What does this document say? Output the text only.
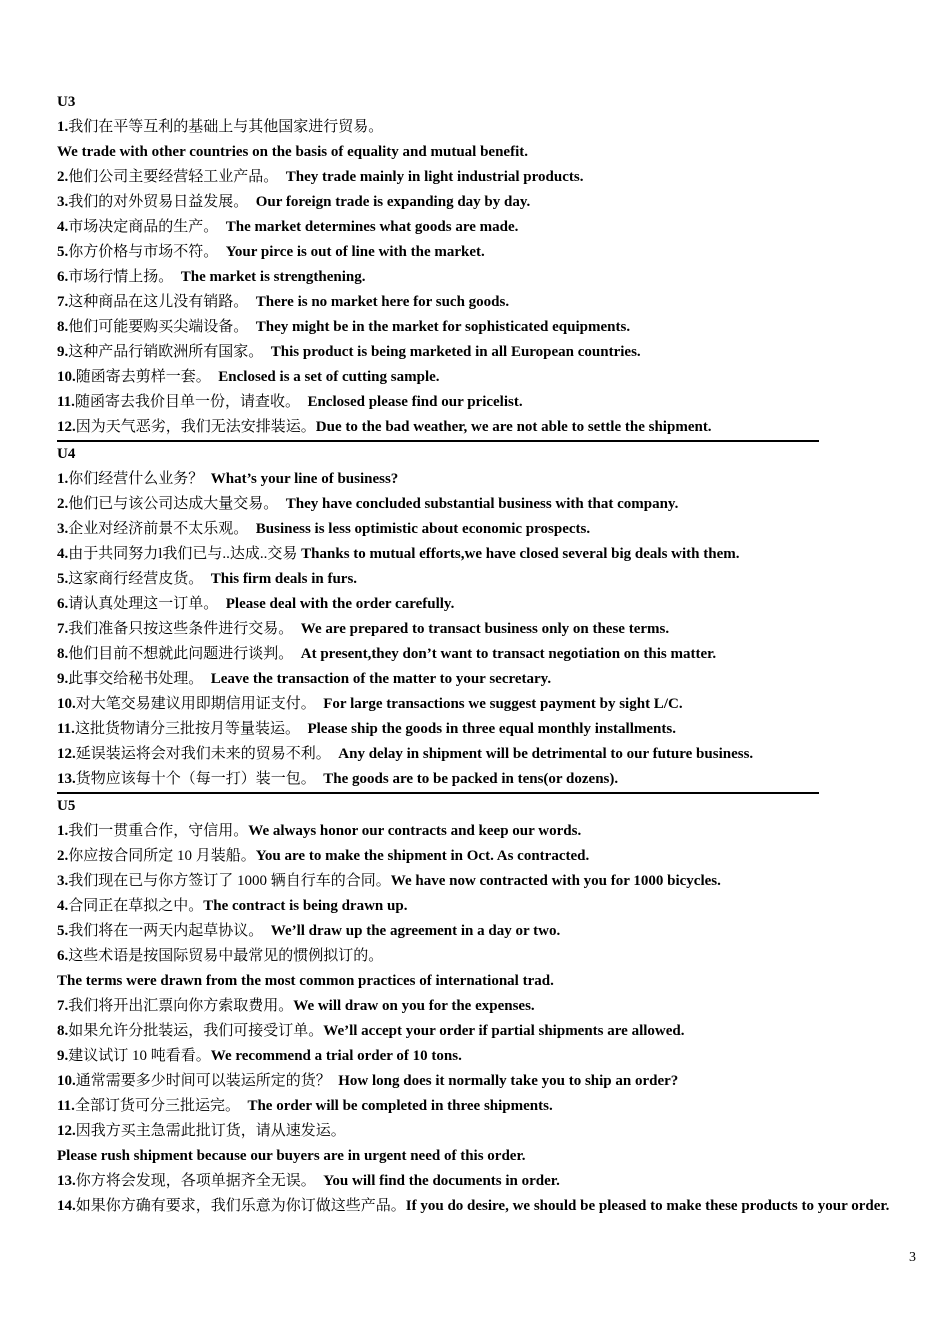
U3
1.我们在平等互利的基础上与其他国家进行贸易。
We trade with other countries on the basis of equality and mutual benefit.
2.他们公司主要经营轻工业产品。 They trade mainly in light industrial products.
3.我们的对外贸易日益发展。 Our foreign trade is expanding day by day.
4.市场决定商品的生产。 The market determines what goods are made.
5.你方价格与市场不符。 Your pirce is out of line with the market.
6.市场行情上扬。 The market is strengthening.
7.这种商品在这儿没有销路。 There is no market here for such goods.
8.他们可能要购买尖端设备。 They might be in the market for sophisticated equipments.
9.这种产品行销欧洲所有国家。 This product is being marketed in all European countries.
10.随函寄去剪样一套。 Enclosed is a set of cutting sample.
11.随函寄去我价目单一份，请查收。 Enclosed please find our pricelist.
12.因为天气恶劣，我们无法安排装运。Due to the bad weather, we are not able to settle the shipment.
U4
1.你们经营什么业务？ What’s your line of business?
2.他们已与该公司达成大量交易。 They have concluded substantial business with that company.
3.企业对经济前景不太乐观。 Business is less optimistic about economic prospects.
4.由于共同努力l我们已与..达成..交易 Thanks to mutual efforts,we have closed several big deals with them.
5.这家商行经营皮货。 This firm deals in furs.
6.请认真处理这一订单。 Please deal with the order carefully.
7.我们准备只按这些条件进行交易。 We are prepared to transact business only on these terms.
8.他们目前不想就此问题进行谈判。 At present,they don’t want to transact negotiation on this matter.
9.此事交给秘书处理。 Leave the transaction of the matter to your secretary.
10.对大笔交易建议用即期信用证支付。 For large transactions we suggest payment by sight L/C.
11.这批货物请分三批按月等量装运。 Please ship the goods in three equal monthly installments.
12.延误装运将会对我们未来的贸易不利。 Any delay in shipment will be detrimental to our future business.
13.货物应该每十个（每一打）装一包。 The goods are to be packed in tens(or dozens).
U5
1.我们一贯重合作，守信用。We always honor our contracts and keep our words.
2.你应按合同所定 10 月装船。You are to make the shipment in Oct. As contracted.
3.我们现在已与你方签订了 1000 辆自行车的合同。We have now contracted with you for 1000 bicycles.
4.合同正在草拟之中。The contract is being drawn up.
5.我们将在一两天内起草协议。 We’ll draw up the agreement in a day or two.
6.这些术语是按国际贸易中最常见的惯例拟订的。
The terms were drawn from the most common practices of international trad.
7.我们将开出汇票向你方索取费用。We will draw on you for the expenses.
8.如果允许分批装运，我们可接受订单。We’ll accept your order if partial shipments are allowed.
9.建议试订 10 吨看看。We recommend a trial order of 10 tons.
10.通常需要多少时间可以装运所定的货？ How long does it normally take you to ship an order?
11.全部订货可分三批运完。 The order will be completed in three shipments.
12.因我方买主急需此批订货，请从速发运。
Please rush shipment because our buyers are in urgent need of this order.
13.你方将会发现，各项单据齐全无误。 You will find the documents in order.
14.如果你方确有要求，我们乐意为你订做这些产品。If you do desire, we should be pleased to make these products to your order.
3
